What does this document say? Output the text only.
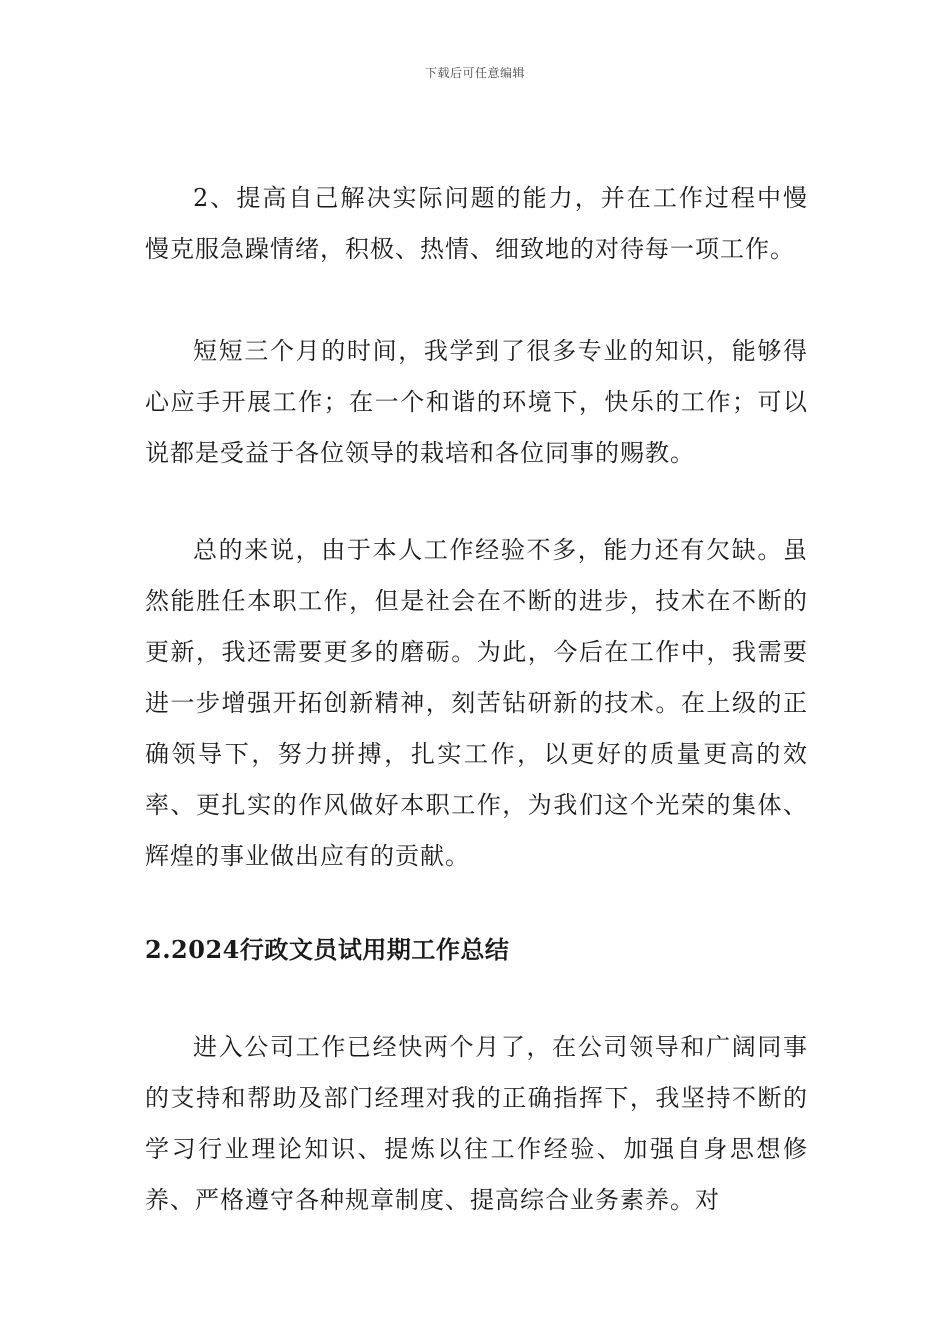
下载后可任意编辑

2、提高自己解决实际问题的能力，并在工作过程中慢慢克服急躁情绪，积极、热情、细致地的对待每一项工作。

短短三个月的时间，我学到了很多专业的知识，能够得心应手开展工作；在一个和谐的环境下，快乐的工作；可以说都是受益于各位领导的栽培和各位同事的赐教。

总的来说，由于本人工作经验不多，能力还有欠缺。虽然能胜任本职工作，但是社会在不断的进步，技术在不断的更新，我还需要更多的磨砺。为此，今后在工作中，我需要进一步增强开拓创新精神，刻苦钻研新的技术。在上级的正确领导下，努力拼搏，扎实工作，以更好的质量更高的效率、更扎实的作风做好本职工作，为我们这个光荣的集体、辉煌的事业做出应有的贡献。

2.2024行政文员试用期工作总结

进入公司工作已经快两个月了，在公司领导和广阔同事的支持和帮助及部门经理对我的正确指挥下，我坚持不断的学习行业理论知识、提炼以往工作经验、加强自身思想修养、严格遵守各种规章制度、提高综合业务素养。对
